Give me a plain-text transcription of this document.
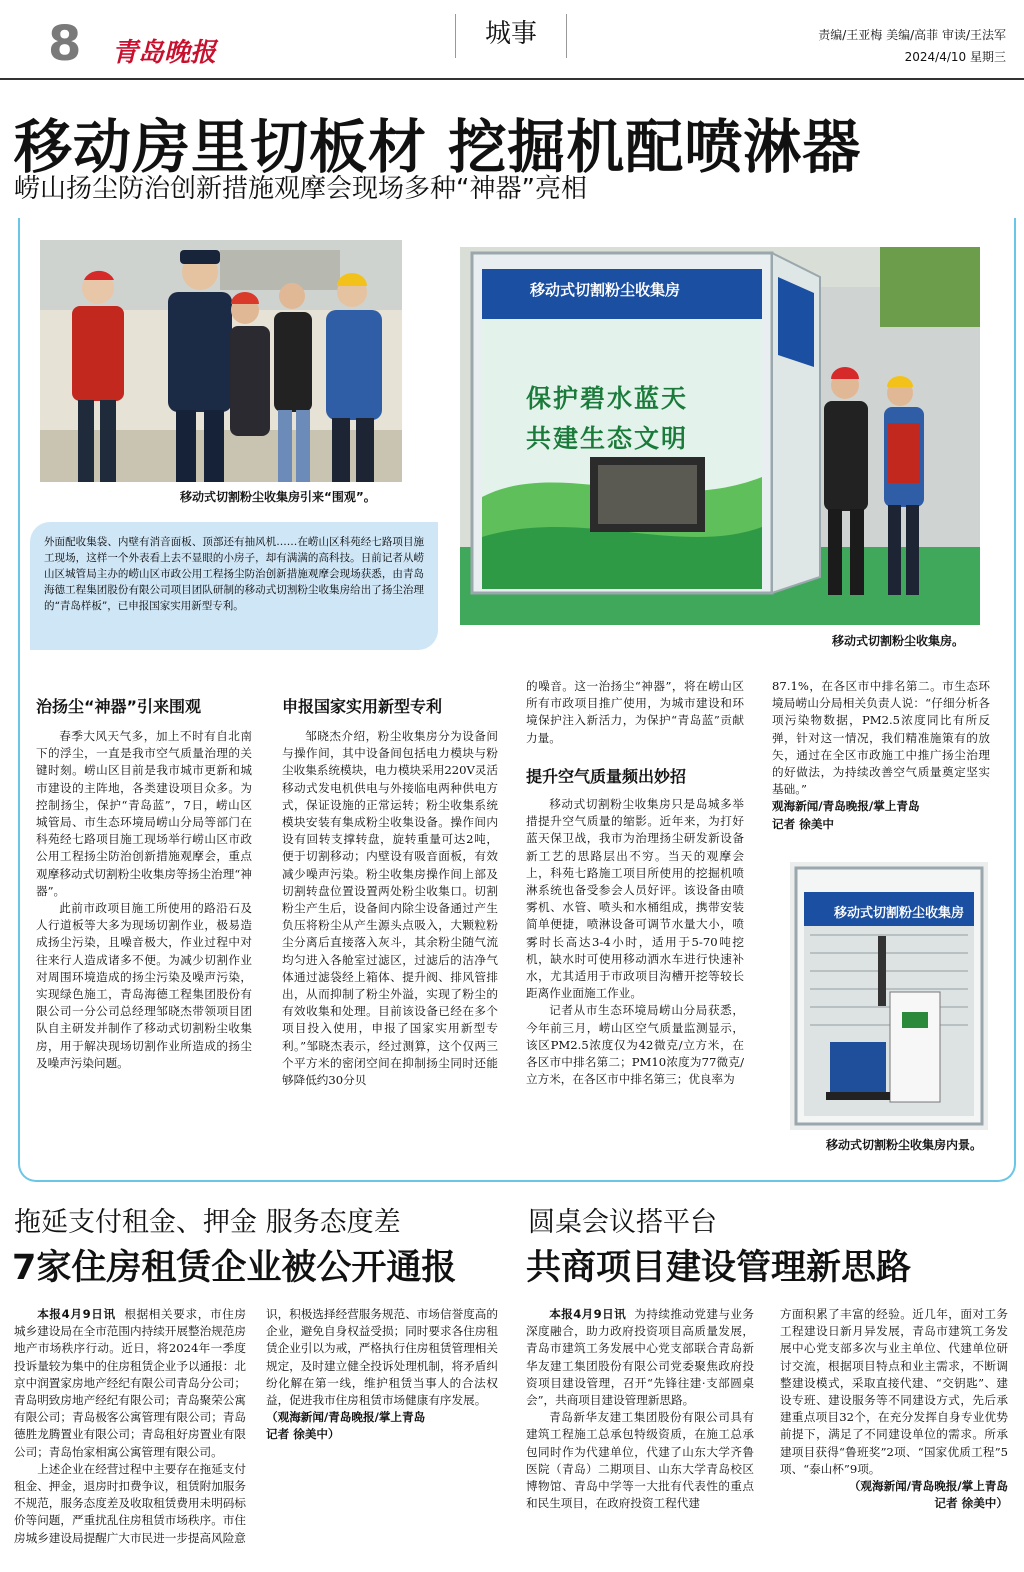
8 青岛晚报
城事	责编/王亚梅 美编/高菲 审读/王法军
2024/4/10 星期三
移动房里切板材 挖掘机配喷淋器
崂山扬尘防治创新措施观摩会现场多种“神器”亮相
移动式切割粉尘收集房引来“围观”。
移动式切割粉尘收集房
保护碧水蓝天
共建生态文明
移动式切割粉尘收集房。
外面配收集袋、内壁有消音面板、顶部还有抽风机……在崂山区科苑经七路项目施工现场，这样一个外表看上去不显眼的小房子，却有满满的高科技。日前记者从崂山区城管局主办的崂山区市政公用工程扬尘防治创新措施观摩会现场获悉，由青岛海德工程集团股份有限公司项目团队研制的移动式切割粉尘收集房给出了扬尘治理的“青岛样板”，已申报国家实用新型专利。
治扬尘“神器”引来围观

春季大风天气多，加上不时有自北南下的浮尘，一直是我市空气质量治理的关键时刻。崂山区目前是我市城市更新和城市建设的主阵地，各类建设项目众多。为控制扬尘，保护“青岛蓝”，7日，崂山区城管局、市生态环境局崂山分局等部门在科苑经七路项目施工现场举行崂山区市政公用工程扬尘防治创新措施观摩会，重点观摩移动式切割粉尘收集房等扬尘治理“神器”。

此前市政项目施工所使用的路沿石及人行道板等大多为现场切割作业，极易造成扬尘污染，且噪音极大，作业过程中对往来行人造成诸多不便。为减少切割作业对周围环境造成的扬尘污染及噪声污染，实现绿色施工，青岛海德工程集团股份有限公司一分公司总经理邹晓杰带领项目团队自主研发并制作了移动式切割粉尘收集房，用于解决现场切割作业所造成的扬尘及噪声污染问题。

申报国家实用新型专利

邹晓杰介绍，粉尘收集房分为设备间与操作间，其中设备间包括电力模块与粉尘收集系统模块，电力模块采用220V灵活移动式发电机供电与外接临电两种供电方式，保证设施的正常运转；粉尘收集系统模块安装有集成粉尘收集设备。操作间内设有回转支撑转盘，旋转重量可达2吨，便于切割移动；内壁设有吸音面板，有效减少噪声污染。粉尘收集房操作间上部及切割转盘位置设置两处粉尘收集口。切割粉尘产生后，设备间内除尘设备通过产生负压将粉尘从产生源头点吸入，大颗粒粉尘分离后直接落入灰斗，其余粉尘随气流均匀进入各舱室过滤区，过滤后的洁净气体通过滤袋经上箱体、提升阀、排风管排出，从而抑制了粉尘外溢，实现了粉尘的有效收集和处理。目前该设备已经在多个项目投入使用，申报了国家实用新型专利。”邹晓杰表示，经过测算，这个仅两三个平方米的密闭空间在抑制扬尘同时还能够降低约30分贝

的噪音。这一治扬尘“神器”，将在崂山区所有市政项目推广使用，为城市建设和环境保护注入新活力，为保护“青岛蓝”贡献力量。

提升空气质量频出妙招

移动式切割粉尘收集房只是岛城多举措提升空气质量的缩影。近年来，为打好蓝天保卫战，我市为治理扬尘研发新设备新工艺的思路层出不穷。当天的观摩会上，科苑七路施工项目所使用的挖掘机喷淋系统也备受参会人员好评。该设备由喷雾机、水管、喷头和水桶组成，携带安装简单便捷，喷淋设备可调节水量大小，喷雾时长高达3-4小时，适用于5-70吨挖机，缺水时可使用移动洒水车进行快速补水，尤其适用于市政项目沟槽开挖等较长距离作业面施工作业。

记者从市生态环境局崂山分局获悉，今年前三月，崂山区空气质量监测显示，该区PM2.5浓度仅为42微克/立方米，在各区市中排名第二；PM10浓度为77微克/立方米，在各区市中排名第三；优良率为

87.1%，在各区市中排名第二。市生态环境局崂山分局相关负责人说：“仔细分析各项污染物数据，PM2.5浓度同比有所反弹，针对这一情况，我们精准施策有的放矢，通过在全区市政施工中推广扬尘治理的好做法，为持续改善空气质量奠定坚实基础。”

观海新闻/青岛晚报/掌上青岛
记者 徐美中

移动式切割粉尘收集房
移动式切割粉尘收集房内景。
拖延支付租金、押金 服务态度差
7家住房租赁企业被公开通报

本报4月9日讯 根据相关要求，市住房城乡建设局在全市范围内持续开展整治规范房地产市场秩序行动。近日，将2024年一季度投诉量较为集中的住房租赁企业予以通报：北京中润置家房地产经纪有限公司青岛分公司；青岛明致房地产经纪有限公司；青岛聚荣公寓有限公司；青岛极客公寓管理有限公司；青岛德胜龙腾置业有限公司；青岛租好房置业有限公司；青岛怡家相寓公寓管理有限公司。

上述企业在经营过程中主要存在拖延支付租金、押金，退房时扣费争议，租赁附加服务不规范，服务态度差及收取租赁费用未明码标价等问题，严重扰乱住房租赁市场秩序。市住房城乡建设局提醒广大市民进一步提高风险意

识，积极选择经营服务规范、市场信誉度高的企业，避免自身权益受损；同时要求各住房租赁企业引以为戒，严格执行住房租赁管理相关规定，及时建立健全投诉处理机制，将矛盾纠纷化解在第一线，维护租赁当事人的合法权益，促进我市住房租赁市场健康有序发展。

（观海新闻/青岛晚报/掌上青岛
记者 徐美中）

圆桌会议搭平台
共商项目建设管理新思路

本报4月9日讯 为持续推动党建与业务深度融合，助力政府投资项目高质量发展，青岛市建筑工务发展中心党支部联合青岛新华友建工集团股份有限公司党委聚焦政府投资项目建设管理，召开“先锋往建·支部圆桌会”，共商项目建设管理新思路。

青岛新华友建工集团股份有限公司具有建筑工程施工总承包特级资质，在施工总承包同时作为代建单位，代建了山东大学齐鲁医院（青岛）二期项目、山东大学青岛校区博物馆、青岛中学等一大批有代表性的重点和民生项目，在政府投资工程代建

方面积累了丰富的经验。近几年，面对工务工程建设日新月异发展，青岛市建筑工务发展中心党支部多次与业主单位、代建单位研讨交流，根据项目特点和业主需求，不断调整建设模式，采取直接代建、“交钥匙”、建设专班、建设服务等不同建设方式，先后承建重点项目32个，在充分发挥自身专业优势前提下，满足了不同建设单位的需求。所承建项目获得“鲁班奖”2项、“国家优质工程”5项、“泰山杯”9项。

（观海新闻/青岛晚报/掌上青岛
记者 徐美中）
